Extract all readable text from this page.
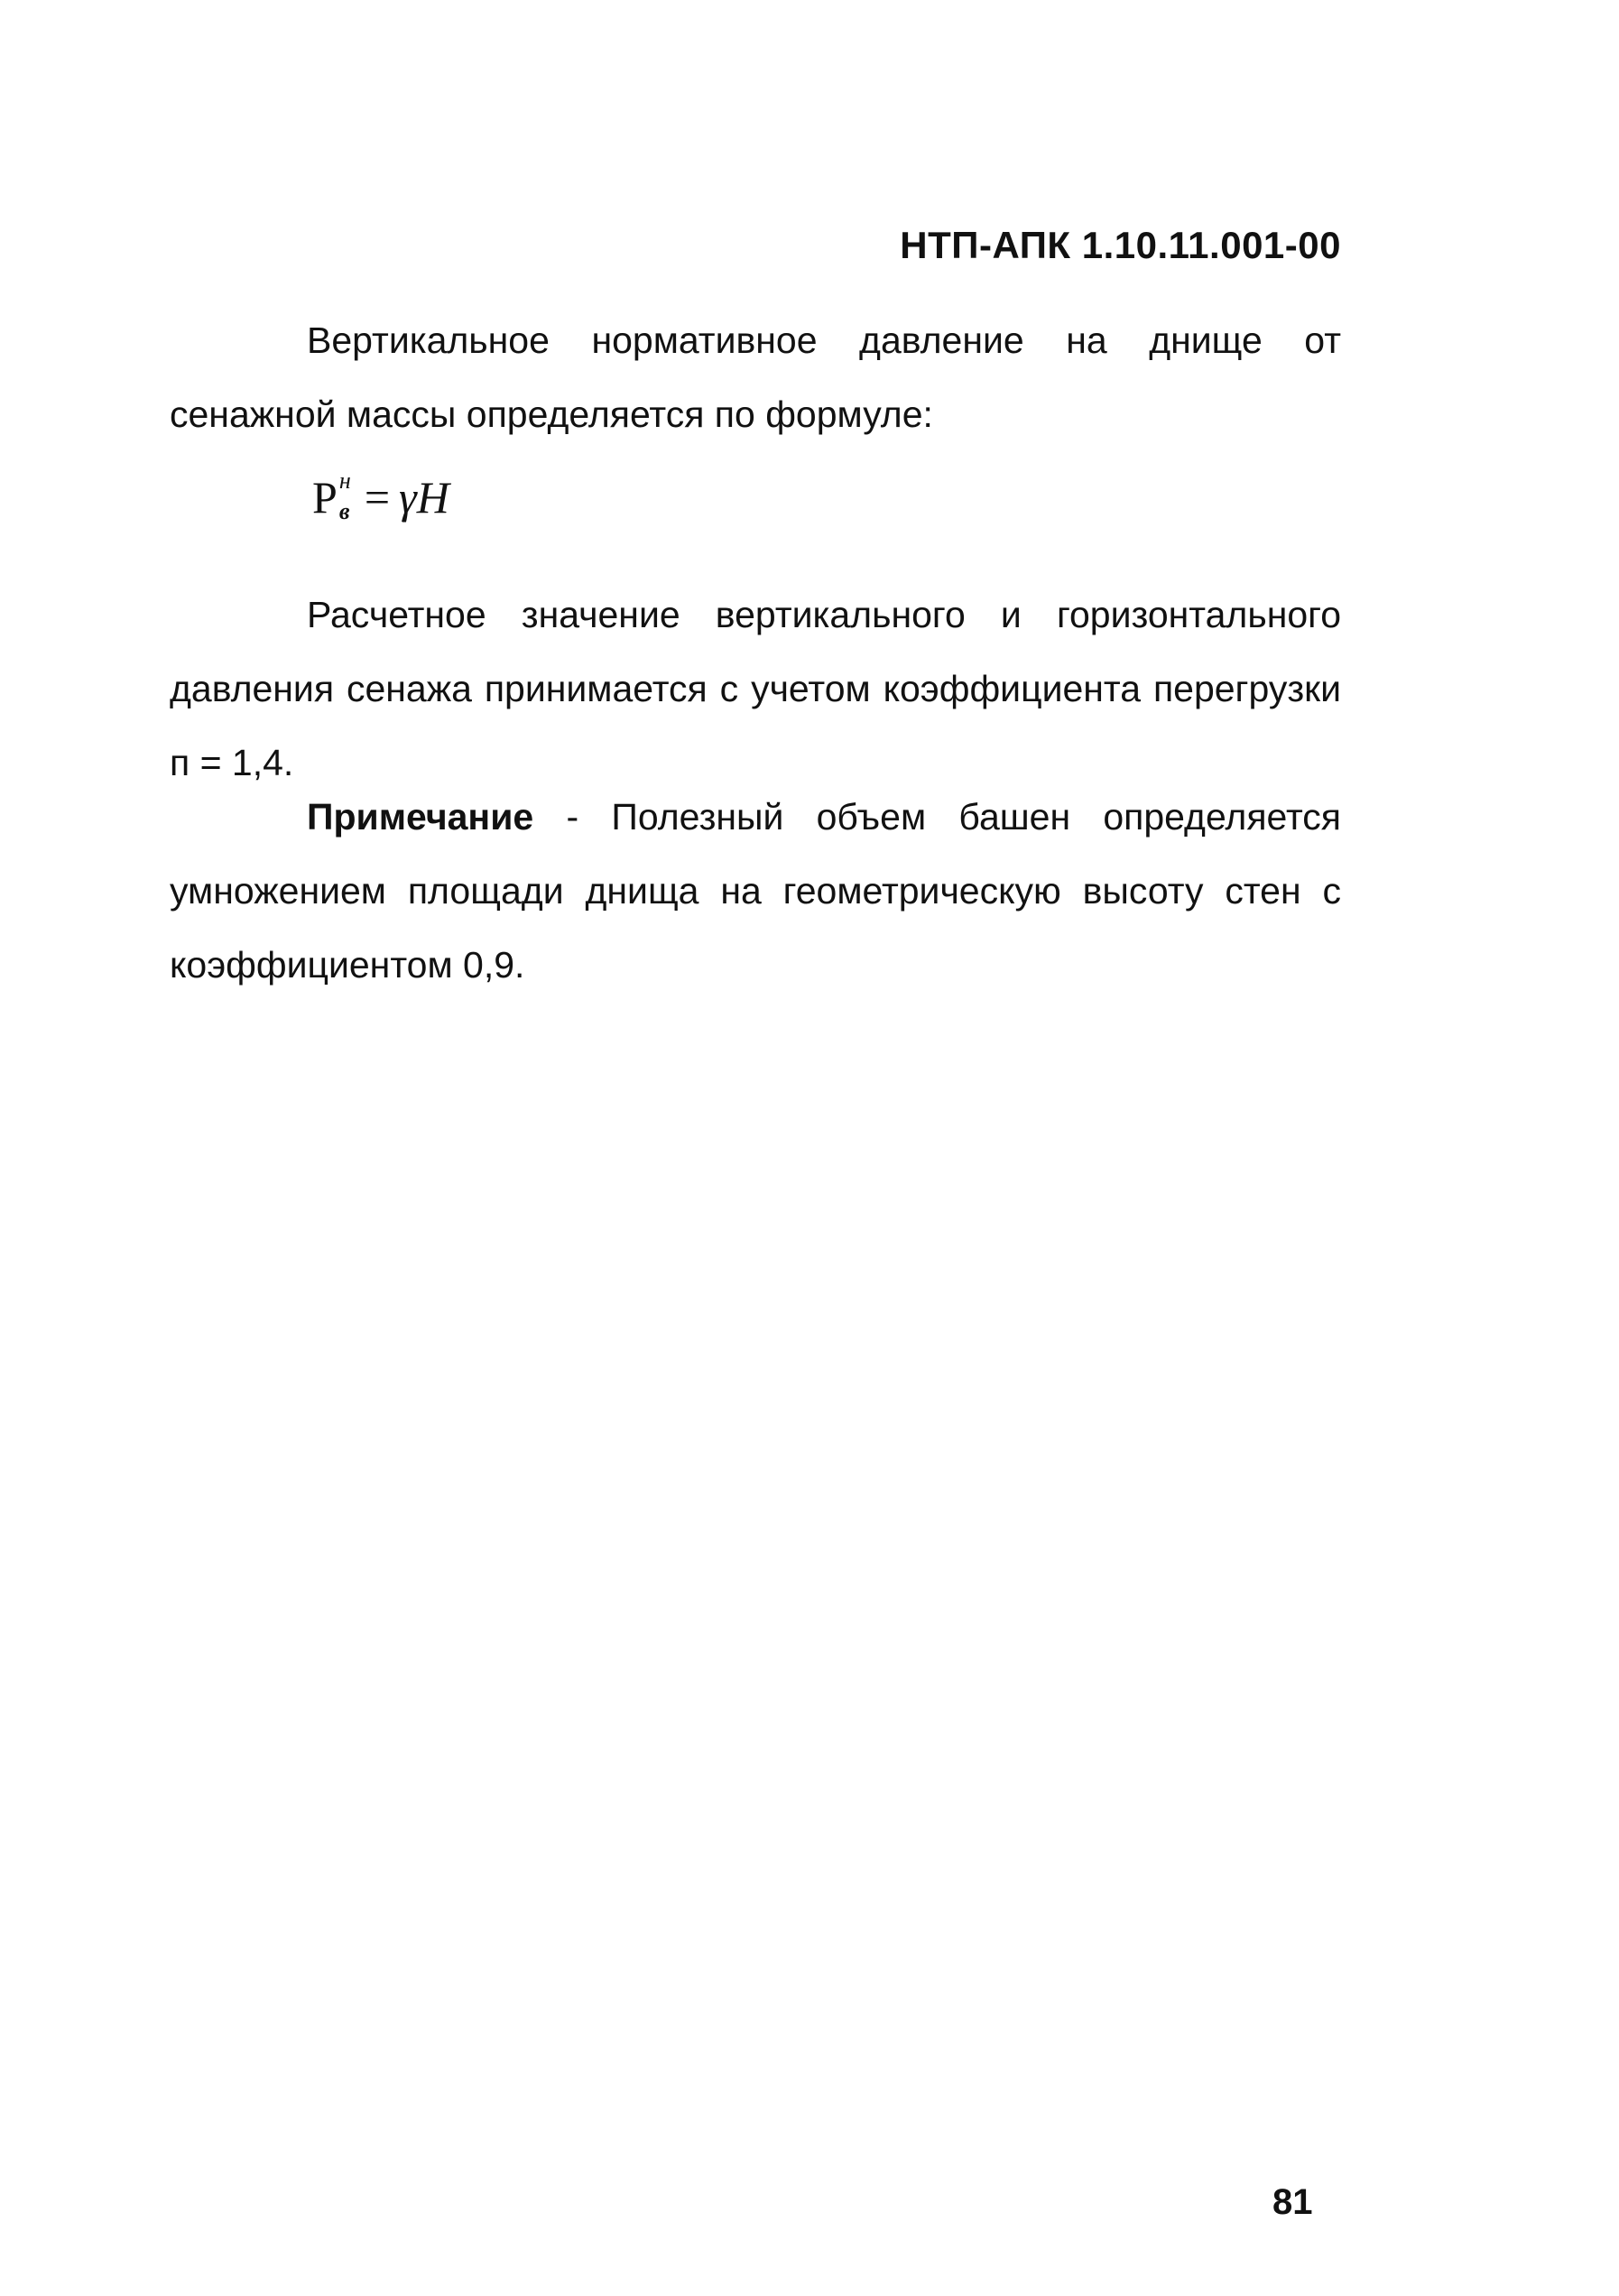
НТП-АПК 1.10.11.001-00

Вертикальное нормативное давление на днище от сенажной массы определяется по формуле:

P н
в = γH

Расчетное значение вертикального и горизонтального давления сенажа принимается с учетом коэффициента перегрузки п = 1,4.

Примечание - Полезный объем башен определяется умножением площади днища на геометрическую высоту стен с коэффициентом 0,9.

81
